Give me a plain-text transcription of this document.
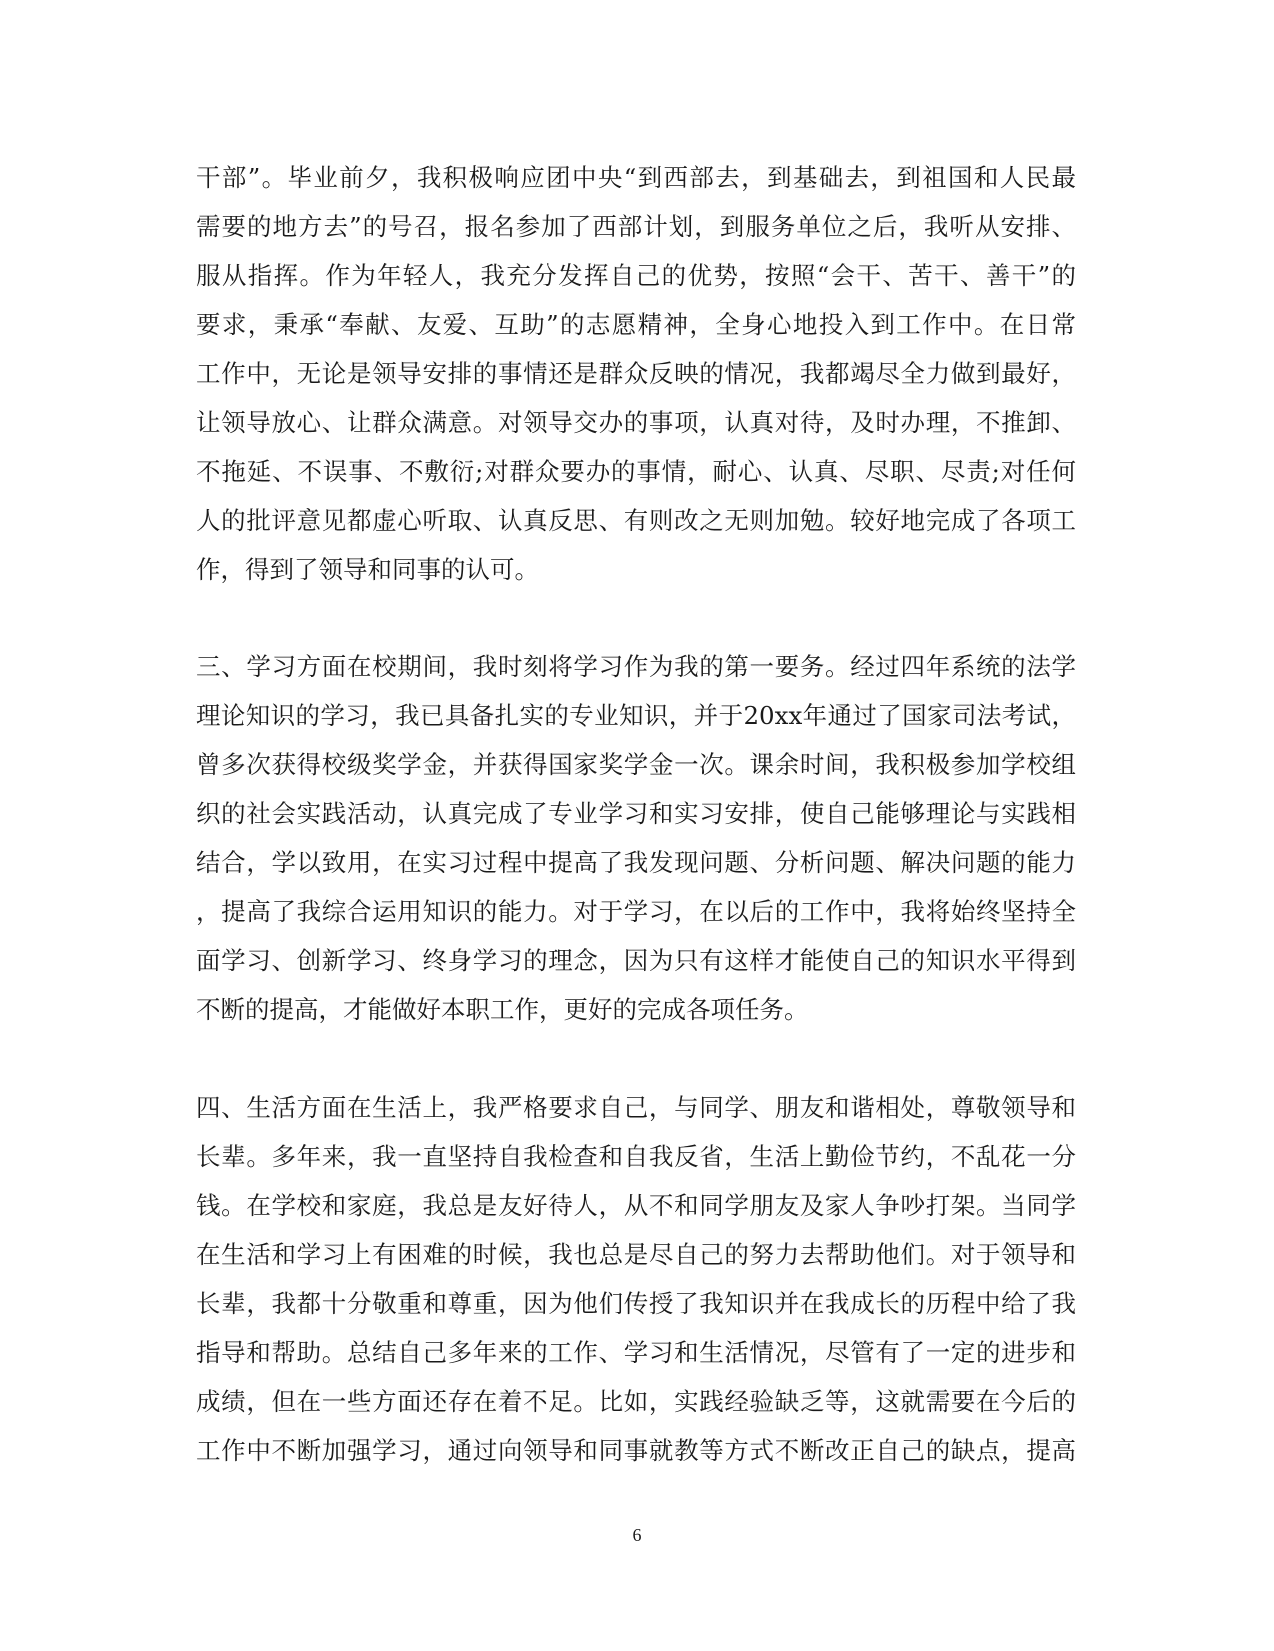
干部”。毕业前夕，我积极响应团中央“到西部去，到基础去，到祖国和人民最
需要的地方去”的号召，报名参加了西部计划，到服务单位之后，我听从安排、
服从指挥。作为年轻人，我充分发挥自己的优势，按照“会干、苦干、善干”的
要求，秉承“奉献、友爱、互助”的志愿精神，全身心地投入到工作中。在日常
工作中，无论是领导安排的事情还是群众反映的情况，我都竭尽全力做到最好，
让领导放心、让群众满意。对领导交办的事项，认真对待，及时办理，不推卸、
不拖延、不误事、不敷衍;对群众要办的事情，耐心、认真、尽职、尽责;对任何
人的批评意见都虚心听取、认真反思、有则改之无则加勉。较好地完成了各项工
作，得到了领导和同事的认可。
三、学习方面在校期间，我时刻将学习作为我的第一要务。经过四年系统的法学
理论知识的学习，我已具备扎实的专业知识，并于20xx年通过了国家司法考试，
曾多次获得校级奖学金，并获得国家奖学金一次。课余时间，我积极参加学校组
织的社会实践活动，认真完成了专业学习和实习安排，使自己能够理论与实践相
结合，学以致用，在实习过程中提高了我发现问题、分析问题、解决问题的能力
，提高了我综合运用知识的能力。对于学习，在以后的工作中，我将始终坚持全
面学习、创新学习、终身学习的理念，因为只有这样才能使自己的知识水平得到
不断的提高，才能做好本职工作，更好的完成各项任务。
四、生活方面在生活上，我严格要求自己，与同学、朋友和谐相处，尊敬领导和
长辈。多年来，我一直坚持自我检查和自我反省，生活上勤俭节约，不乱花一分
钱。在学校和家庭，我总是友好待人，从不和同学朋友及家人争吵打架。当同学
在生活和学习上有困难的时候，我也总是尽自己的努力去帮助他们。对于领导和
长辈，我都十分敬重和尊重，因为他们传授了我知识并在我成长的历程中给了我
指导和帮助。总结自己多年来的工作、学习和生活情况，尽管有了一定的进步和
成绩，但在一些方面还存在着不足。比如，实践经验缺乏等，这就需要在今后的
工作中不断加强学习，通过向领导和同事就教等方式不断改正自己的缺点，提高
6
